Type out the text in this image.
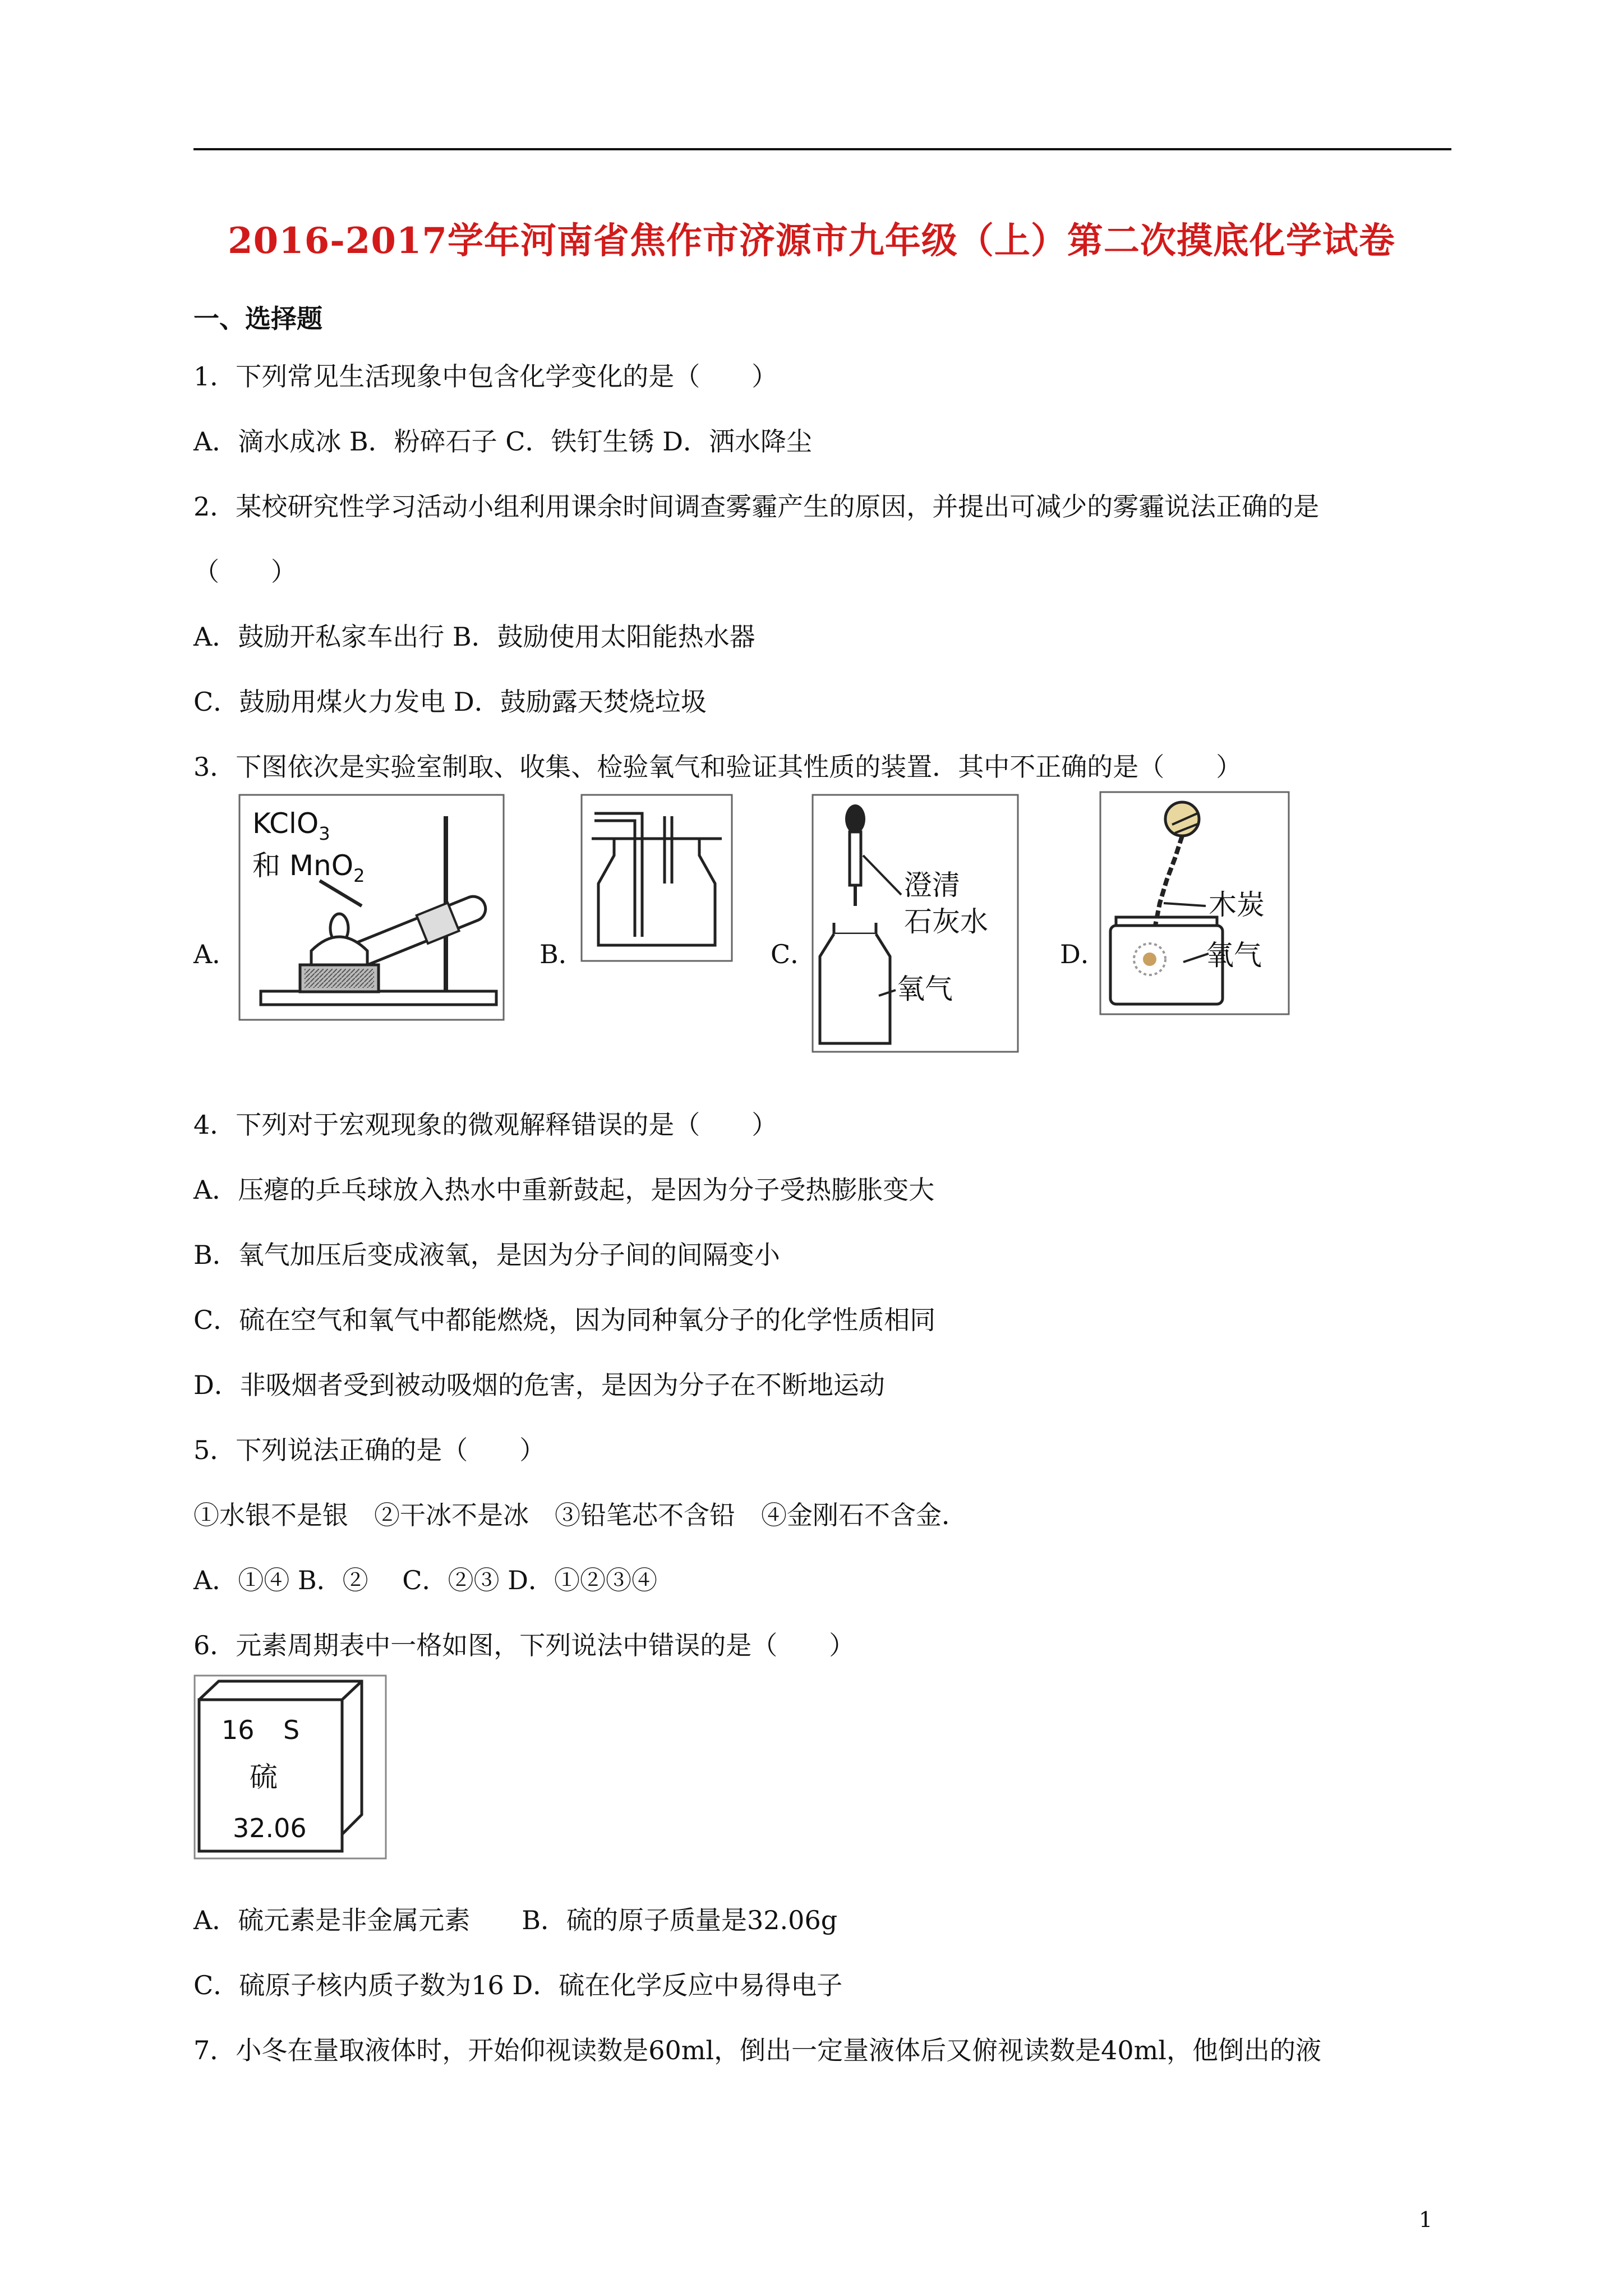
2016-2017学年河南省焦作市济源市九年级（上）第二次摸底化学试卷
一、选择题
1．下列常见生活现象中包含化学变化的是（　　）
A．滴水成冰 B．粉碎石子 C．铁钉生锈 D．洒水降尘
2．某校研究性学习活动小组利用课余时间调查雾霾产生的原因，并提出可减少的雾霾说法正确的是
（　　）
A．鼓励开私家车出行 B．鼓励使用太阳能热水器
C．鼓励用煤火力发电 D．鼓励露天焚烧垃圾
3．下图依次是实验室制取、收集、检验氧气和验证其性质的装置．其中不正确的是（　　）
A．	B．	C．	D．
KClO$_3$
和 MnO$_2$	澄清
石灰水
氧气
木炭
氧气
4．下列对于宏观现象的微观解释错误的是（　　）
A．压瘪的乒乓球放入热水中重新鼓起，是因为分子受热膨胀变大
B．氧气加压后变成液氧，是因为分子间的间隔变小
C．硫在空气和氧气中都能燃烧，因为同种氧分子的化学性质相同
D．非吸烟者受到被动吸烟的危害，是因为分子在不断地运动
5．下列说法正确的是（　　）
①水银不是银　②干冰不是冰　③铅笔芯不含铅　④金刚石不含金．
A．①④ B．②　 C．②③ D．①②③④
6．元素周期表中一格如图，下列说法中错误的是（　　）
16 S
硫
32.06
A．硫元素是非金属元素　　B．硫的原子质量是32.06g
C．硫原子核内质子数为16 D．硫在化学反应中易得电子
7．小冬在量取液体时，开始仰视读数是60ml，倒出一定量液体后又俯视读数是40ml，他倒出的液
1
